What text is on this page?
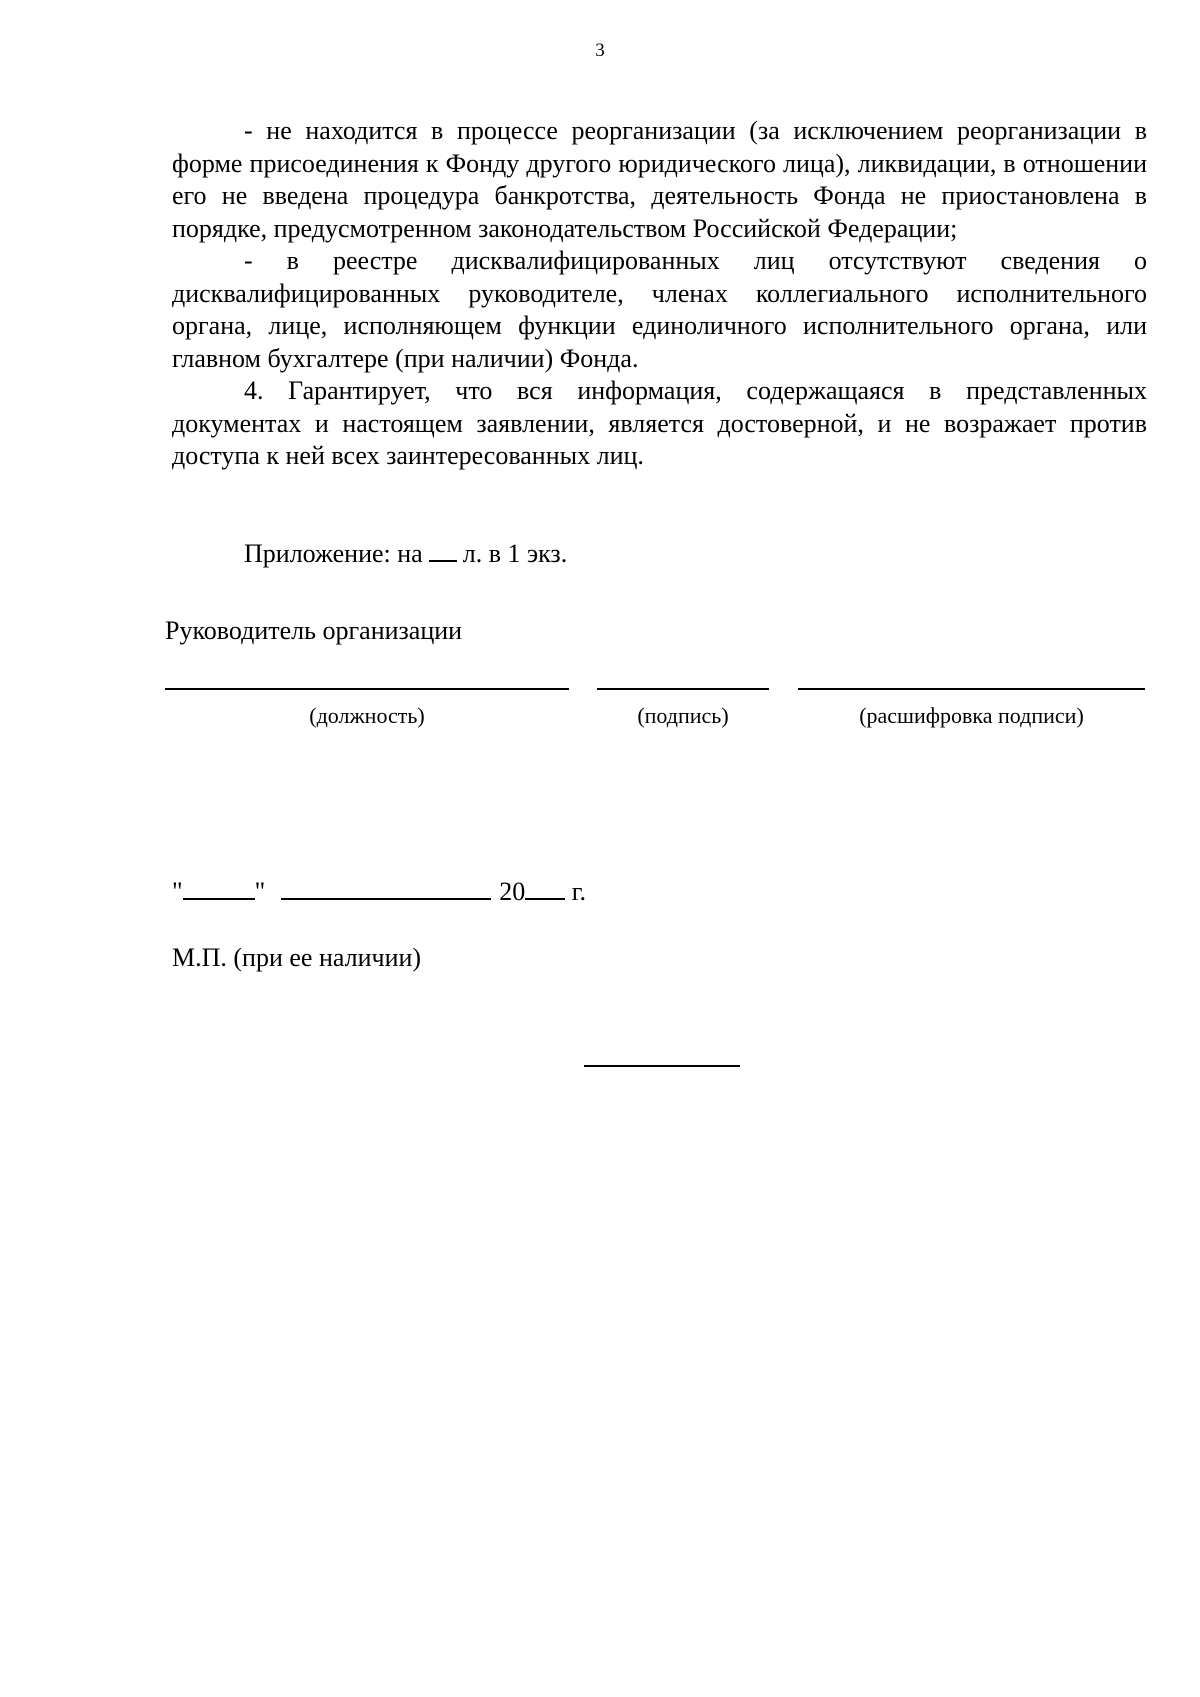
3

- не находится в процессе реорганизации (за исключением реорганизации в форме присоединения к Фонду другого юридического лица), ликвидации, в отношении его не введена процедура банкротства, деятельность Фонда не приостановлена в порядке, предусмотренном законодательством Российской Федерации;

- в реестре дисквалифицированных лиц отсутствуют сведения о дисквалифицированных руководителе, членах коллегиального исполнительного органа, лице, исполняющем функции единоличного исполнительного органа, или главном бухгалтере (при наличии) Фонда.

4. Гарантирует, что вся информация, содержащаяся в представленных документах и настоящем заявлении, является достоверной, и не возражает против доступа к ней всех заинтересованных лиц.

Приложение: на л. в 1 экз.
Руководитель организации
(должность)	(подпись)	(расшифровка подписи)
"	"	20 г.
М.П. (при ее наличии)
